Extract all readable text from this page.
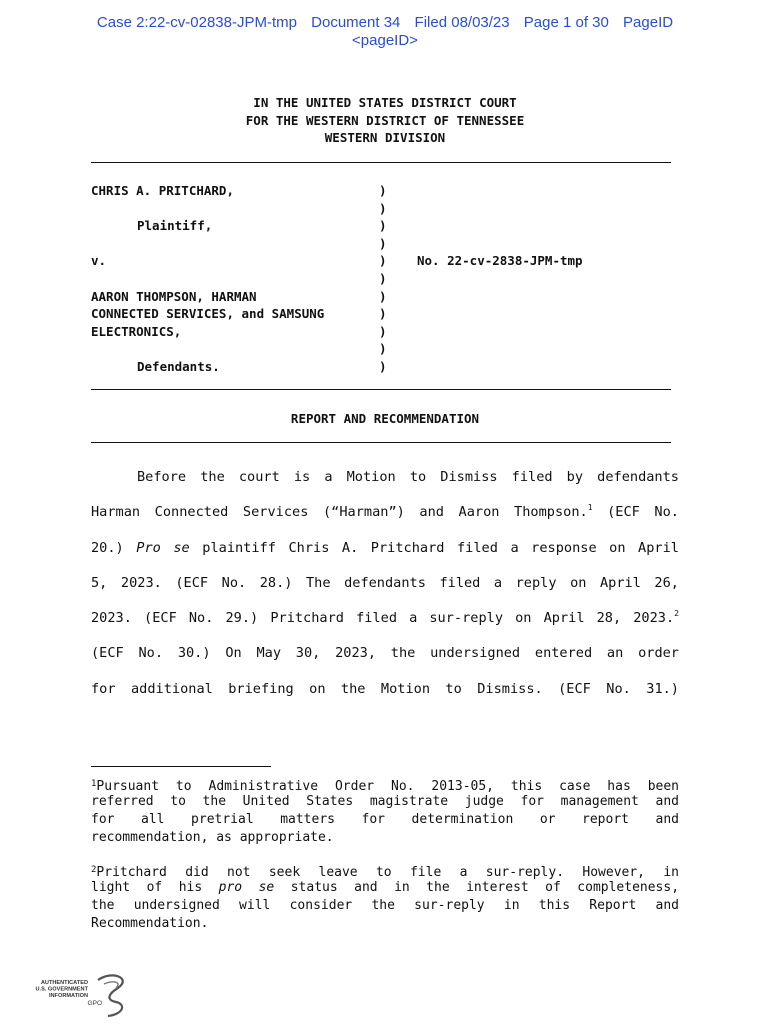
Case 2:22-cv-02838-JPM-tmp Document 34 Filed 08/03/23 Page 1 of 30 PageID
<pageID>
IN THE UNITED STATES DISTRICT COURT
FOR THE WESTERN DISTRICT OF TENNESSEE
WESTERN DIVISION
CHRIS A. PRITCHARD,
Plaintiff,
v.
AARON THOMPSON, HARMAN
CONNECTED SERVICES, and SAMSUNG
ELECTRONICS,
Defendants.
)
)
)
)
)
)
)
)
)
)
)
No. 22-cv-2838-JPM-tmp
REPORT AND RECOMMENDATION
Before the court is a Motion to Dismiss filed by defendants
Harman Connected Services (“Harman”) and Aaron Thompson.$^1$ (ECF No.
20.) Pro se plaintiff Chris A. Pritchard filed a response on April
5, 2023. (ECF No. 28.) The defendants filed a reply on April 26,
2023. (ECF No. 29.) Pritchard filed a sur-reply on April 28, 2023.$^2$
(ECF No. 30.) On May 30, 2023, the undersigned entered an order
for additional briefing on the Motion to Dismiss. (ECF No. 31.)
$^1$Pursuant to Administrative Order No. 2013-05, this case has been
referred to the United States magistrate judge for management and
for all pretrial matters for determination or report and
recommendation, as appropriate.
$^2$Pritchard did not seek leave to file a sur-reply. However, in
light of his pro se status and in the interest of completeness,
the undersigned will consider the sur-reply in this Report and
Recommendation.
AUTHENTICATED
U.S. GOVERNMENT
INFORMATION
GPO
